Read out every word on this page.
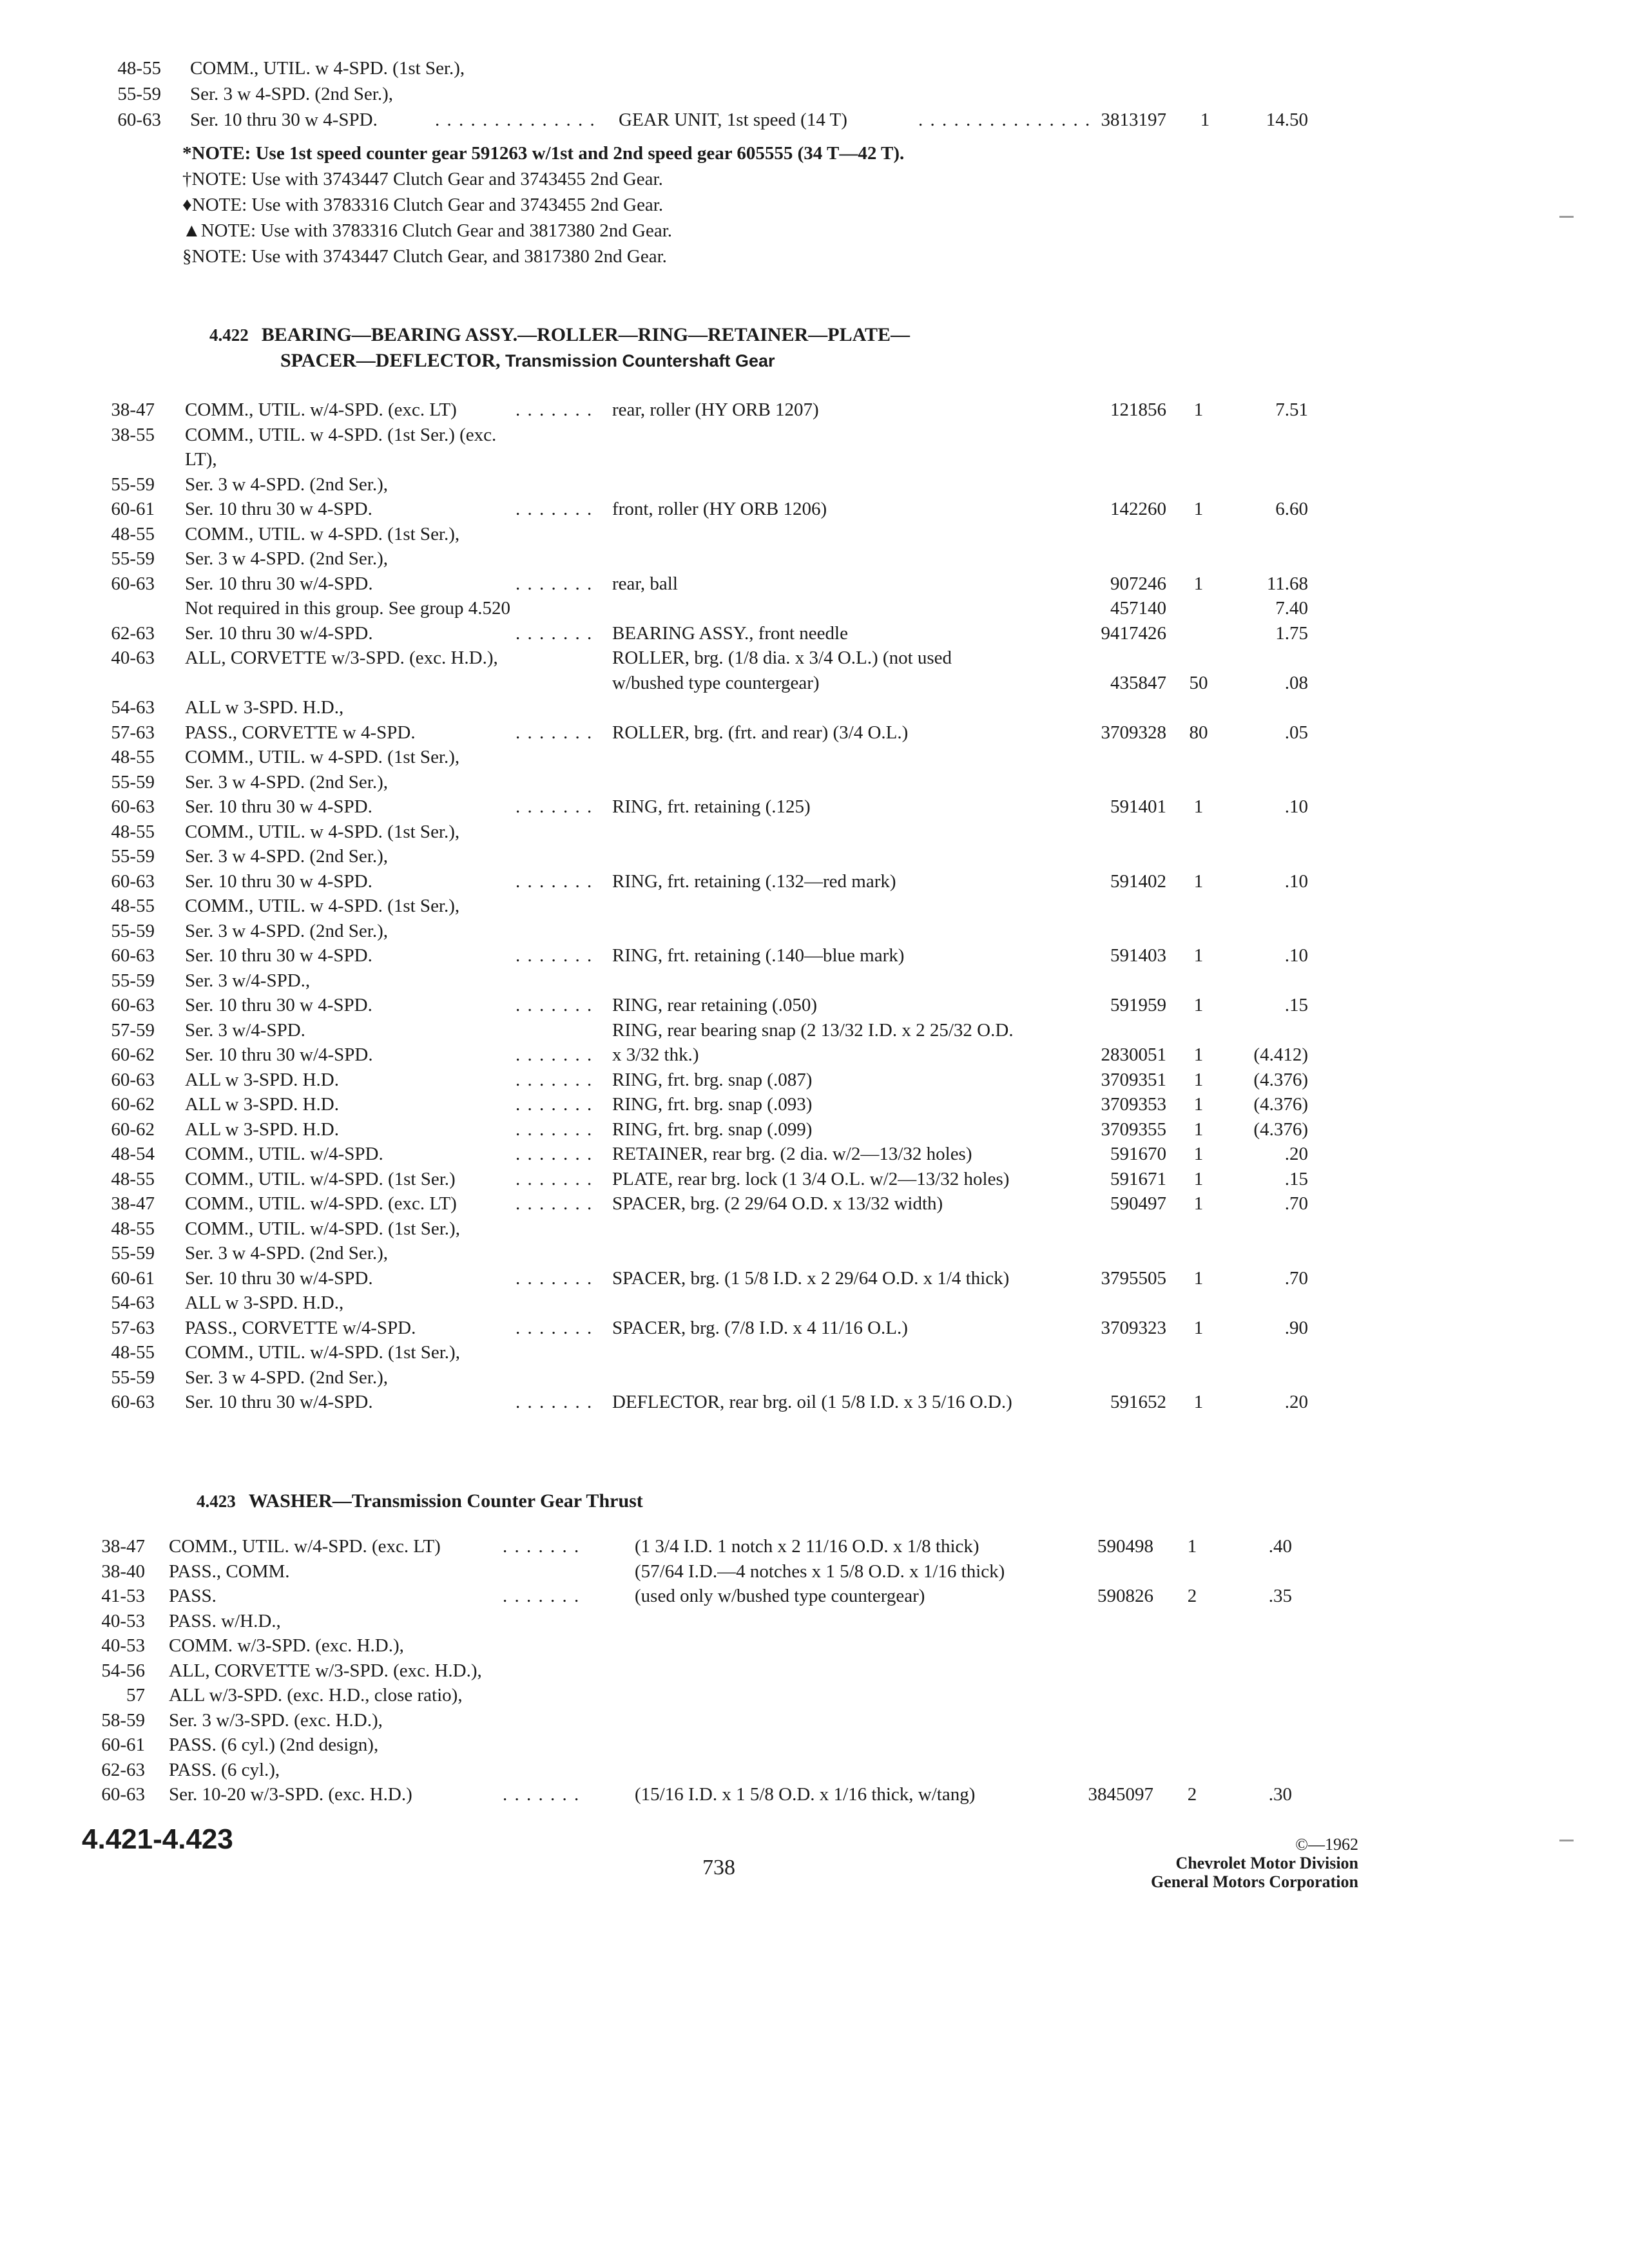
48-55 COMM., UTIL. w 4-SPD. (1st Ser.),
55-59 Ser. 3 w 4-SPD. (2nd Ser.),
60-63 Ser. 10 thru 30 w 4-SPD.	. . . . . . . . . . . . . . GEAR UNIT, 1st speed (14 T)	. . . . . . . . . . . . . . . 3813197	1	14.50
*NOTE: Use 1st speed counter gear 591263 w/1st and 2nd speed gear 605555 (34 T—42 T).
†NOTE: Use with 3743447 Clutch Gear and 3743455 2nd Gear.
♦NOTE: Use with 3783316 Clutch Gear and 3743455 2nd Gear.
▲NOTE: Use with 3783316 Clutch Gear and 3817380 2nd Gear.
§NOTE: Use with 3743447 Clutch Gear, and 3817380 2nd Gear.
4.422 BEARING—BEARING ASSY.—ROLLER—RING—RETAINER—PLATE—
SPACER—DEFLECTOR, Transmission Countershaft Gear
38-47 COMM., UTIL. w/4-SPD. (exc. LT)	rear, roller (HY ORB 1207)	121856	1	7.51
. . . . . . .
38-55 COMM., UTIL. w 4-SPD. (1st Ser.) (exc.
LT),
55-59 Ser. 3 w 4-SPD. (2nd Ser.),
60-61 Ser. 10 thru 30 w 4-SPD.	front, roller (HY ORB 1206)	142260	1	6.60
. . . . . . .
48-55 COMM., UTIL. w 4-SPD. (1st Ser.),
55-59 Ser. 3 w 4-SPD. (2nd Ser.),
60-63 Ser. 10 thru 30 w/4-SPD.	rear, ball	907246	1	11.68
. . . . . . .
Not required in this group. See group 4.520	457140	7.40
62-63 Ser. 10 thru 30 w/4-SPD.	BEARING ASSY., front needle	9417426	1.75
. . . . . . .
40-63 ALL, CORVETTE w/3-SPD. (exc. H.D.),	ROLLER, brg. (1/8 dia. x 3/4 O.L.) (not used
w/bushed type countergear)	435847	50	.08
54-63 ALL w 3-SPD. H.D.,
57-63 PASS., CORVETTE w 4-SPD.	ROLLER, brg. (frt. and rear) (3/4 O.L.)	3709328	80	.05
. . . . . . .
48-55 COMM., UTIL. w 4-SPD. (1st Ser.),
55-59 Ser. 3 w 4-SPD. (2nd Ser.),
60-63 Ser. 10 thru 30 w 4-SPD.	RING, frt. retaining (.125)	591401	1	.10
. . . . . . .
48-55 COMM., UTIL. w 4-SPD. (1st Ser.),
55-59 Ser. 3 w 4-SPD. (2nd Ser.),
60-63 Ser. 10 thru 30 w 4-SPD.	RING, frt. retaining (.132—red mark)	591402	1	.10
. . . . . . .
48-55 COMM., UTIL. w 4-SPD. (1st Ser.),
55-59 Ser. 3 w 4-SPD. (2nd Ser.),
60-63 Ser. 10 thru 30 w 4-SPD.	RING, frt. retaining (.140—blue mark)	591403	1	.10
. . . . . . .
55-59 Ser. 3 w/4-SPD.,
60-63 Ser. 10 thru 30 w 4-SPD.	RING, rear retaining (.050)	591959	1	.15
. . . . . . .
57-59 Ser. 3 w/4-SPD.	RING, rear bearing snap (2 13/32 I.D. x 2 25/32 O.D.
60-62 Ser. 10 thru 30 w/4-SPD.	x 3/32 thk.)	2830051	1	(4.412)
. . . . . . .
60-63 ALL w 3-SPD. H.D.	RING, frt. brg. snap (.087)	3709351	1	(4.376)
. . . . . . .
60-62 ALL w 3-SPD. H.D.	RING, frt. brg. snap (.093)	3709353	1	(4.376)
. . . . . . .
60-62 ALL w 3-SPD. H.D.	RING, frt. brg. snap (.099)	3709355	1	(4.376)
. . . . . . .
48-54 COMM., UTIL. w/4-SPD.	RETAINER, rear brg. (2 dia. w/2—13/32 holes)	591670	1	.20
. . . . . . .
48-55 COMM., UTIL. w/4-SPD. (1st Ser.)	PLATE, rear brg. lock (1 3/4 O.L. w/2—13/32 holes)	591671	1	.15
. . . . . . .
38-47 COMM., UTIL. w/4-SPD. (exc. LT)	SPACER, brg. (2 29/64 O.D. x 13/32 width)	590497	1	.70
. . . . . . .
48-55 COMM., UTIL. w/4-SPD. (1st Ser.),
55-59 Ser. 3 w 4-SPD. (2nd Ser.),
60-61 Ser. 10 thru 30 w/4-SPD.	SPACER, brg. (1 5/8 I.D. x 2 29/64 O.D. x 1/4 thick)	3795505	1	.70
. . . . . . .
54-63 ALL w 3-SPD. H.D.,
57-63 PASS., CORVETTE w/4-SPD.	SPACER, brg. (7/8 I.D. x 4 11/16 O.L.)	3709323	1	.90
. . . . . . .
48-55 COMM., UTIL. w/4-SPD. (1st Ser.),
55-59 Ser. 3 w 4-SPD. (2nd Ser.),
60-63 Ser. 10 thru 30 w/4-SPD.	DEFLECTOR, rear brg. oil (1 5/8 I.D. x 3 5/16 O.D.)	591652	1	.20
. . . . . . .
4.423 WASHER—Transmission Counter Gear Thrust
38-47 COMM., UTIL. w/4-SPD. (exc. LT)	(1 3/4 I.D. 1 notch x 2 11/16 O.D. x 1/8 thick)	590498	1	.40
. . . . . . .
38-40 PASS., COMM.	(57/64 I.D.—4 notches x 1 5/8 O.D. x 1/16 thick)
41-53 PASS.	(used only w/bushed type countergear)	590826	2	.35
. . . . . . .
40-53 PASS. w/H.D.,
40-53 COMM. w/3-SPD. (exc. H.D.),
54-56 ALL, CORVETTE w/3-SPD. (exc. H.D.),
57 ALL w/3-SPD. (exc. H.D., close ratio),
58-59 Ser. 3 w/3-SPD. (exc. H.D.),
60-61 PASS. (6 cyl.) (2nd design),
62-63 PASS. (6 cyl.),
60-63 Ser. 10-20 w/3-SPD. (exc. H.D.)	(15/16 I.D. x 1 5/8 O.D. x 1/16 thick, w/tang)	3845097	2	.30
. . . . . . .
4.421-4.423
738
©—1962
Chevrolet Motor Division
General Motors Corporation
